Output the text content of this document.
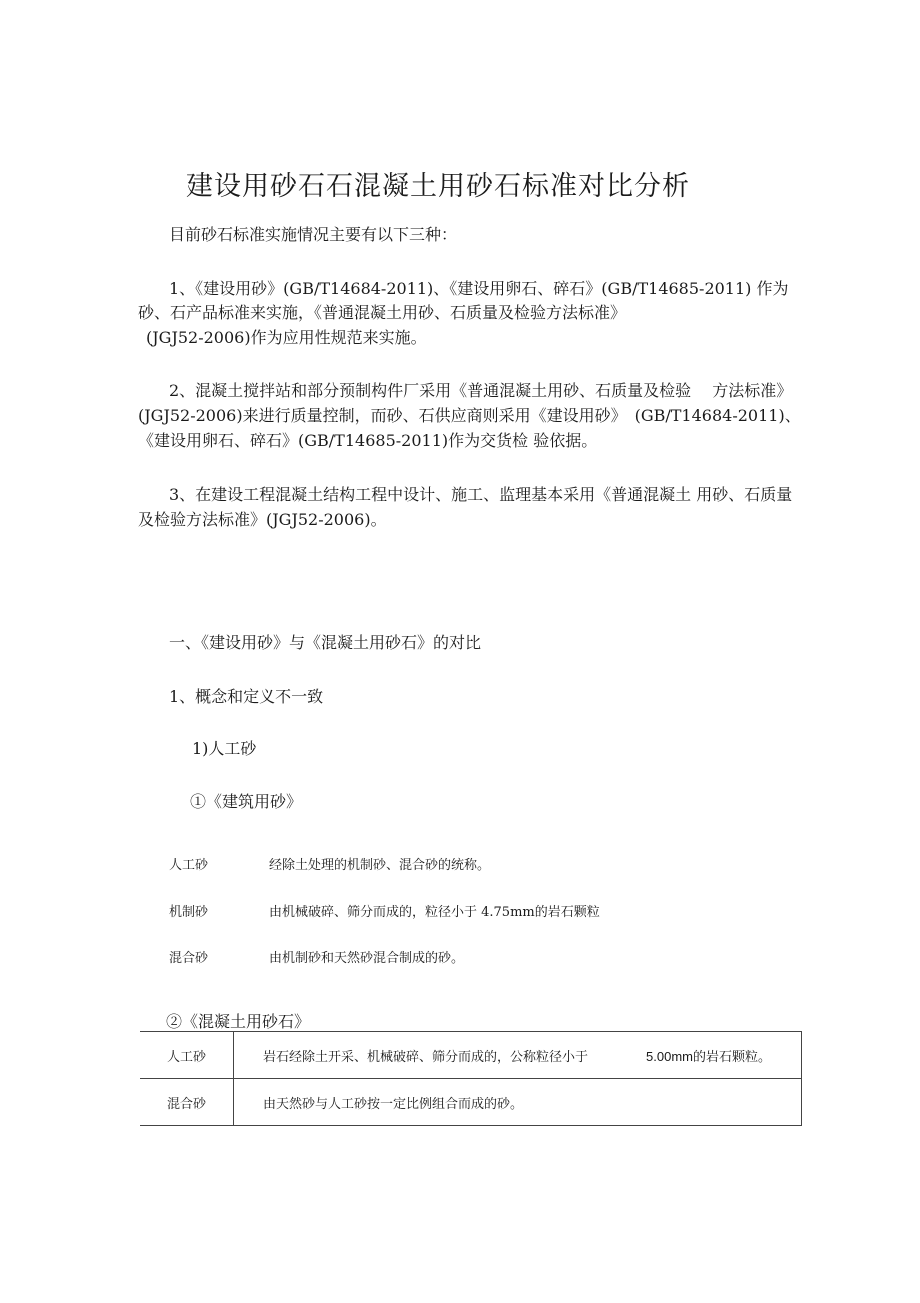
建设用砂石石混凝土用砂石标准对比分析
目前砂石标准实施情况主要有以下三种：
1、《建设用砂》(GB/T14684-2011)、《建设用卵石、碎石》(GB/T14685-2011) 作为
砂、石产品标准来实施，《普通混凝土用砂、石质量及检验方法标准》
(JGJ52-2006)作为应用性规范来实施。
2、混凝土搅拌站和部分预制构件厂采用《普通混凝土用砂、石质量及检验　 方法标准》
(JGJ52-2006)来进行质量控制，而砂、石供应商则采用《建设用砂》　(GB/T14684-2011)、
《建设用卵石、碎石》(GB/T14685-2011)作为交货检 验依据。
3、在建设工程混凝土结构工程中设计、施工、监理基本采用《普通混凝土 用砂、石质量
及检验方法标准》(JGJ52-2006)。
一、《建设用砂》与《混凝土用砂石》的对比
1、概念和定义不一致
1)人工砂
①《建筑用砂》
人工砂	经除土处理的机制砂、混合砂的统称。
机制砂	由机械破碎、筛分而成的，粒径小于 4.75mm的岩石颗粒
混合砂	由机制砂和天然砂混合制成的砂。
②《混凝土用砂石》
人工砂	岩石经除土开采、机械破碎、筛分而成的，公称粒径小于 5.00mm的岩石颗粒。
混合砂	由天然砂与人工砂按一定比例组合而成的砂。
